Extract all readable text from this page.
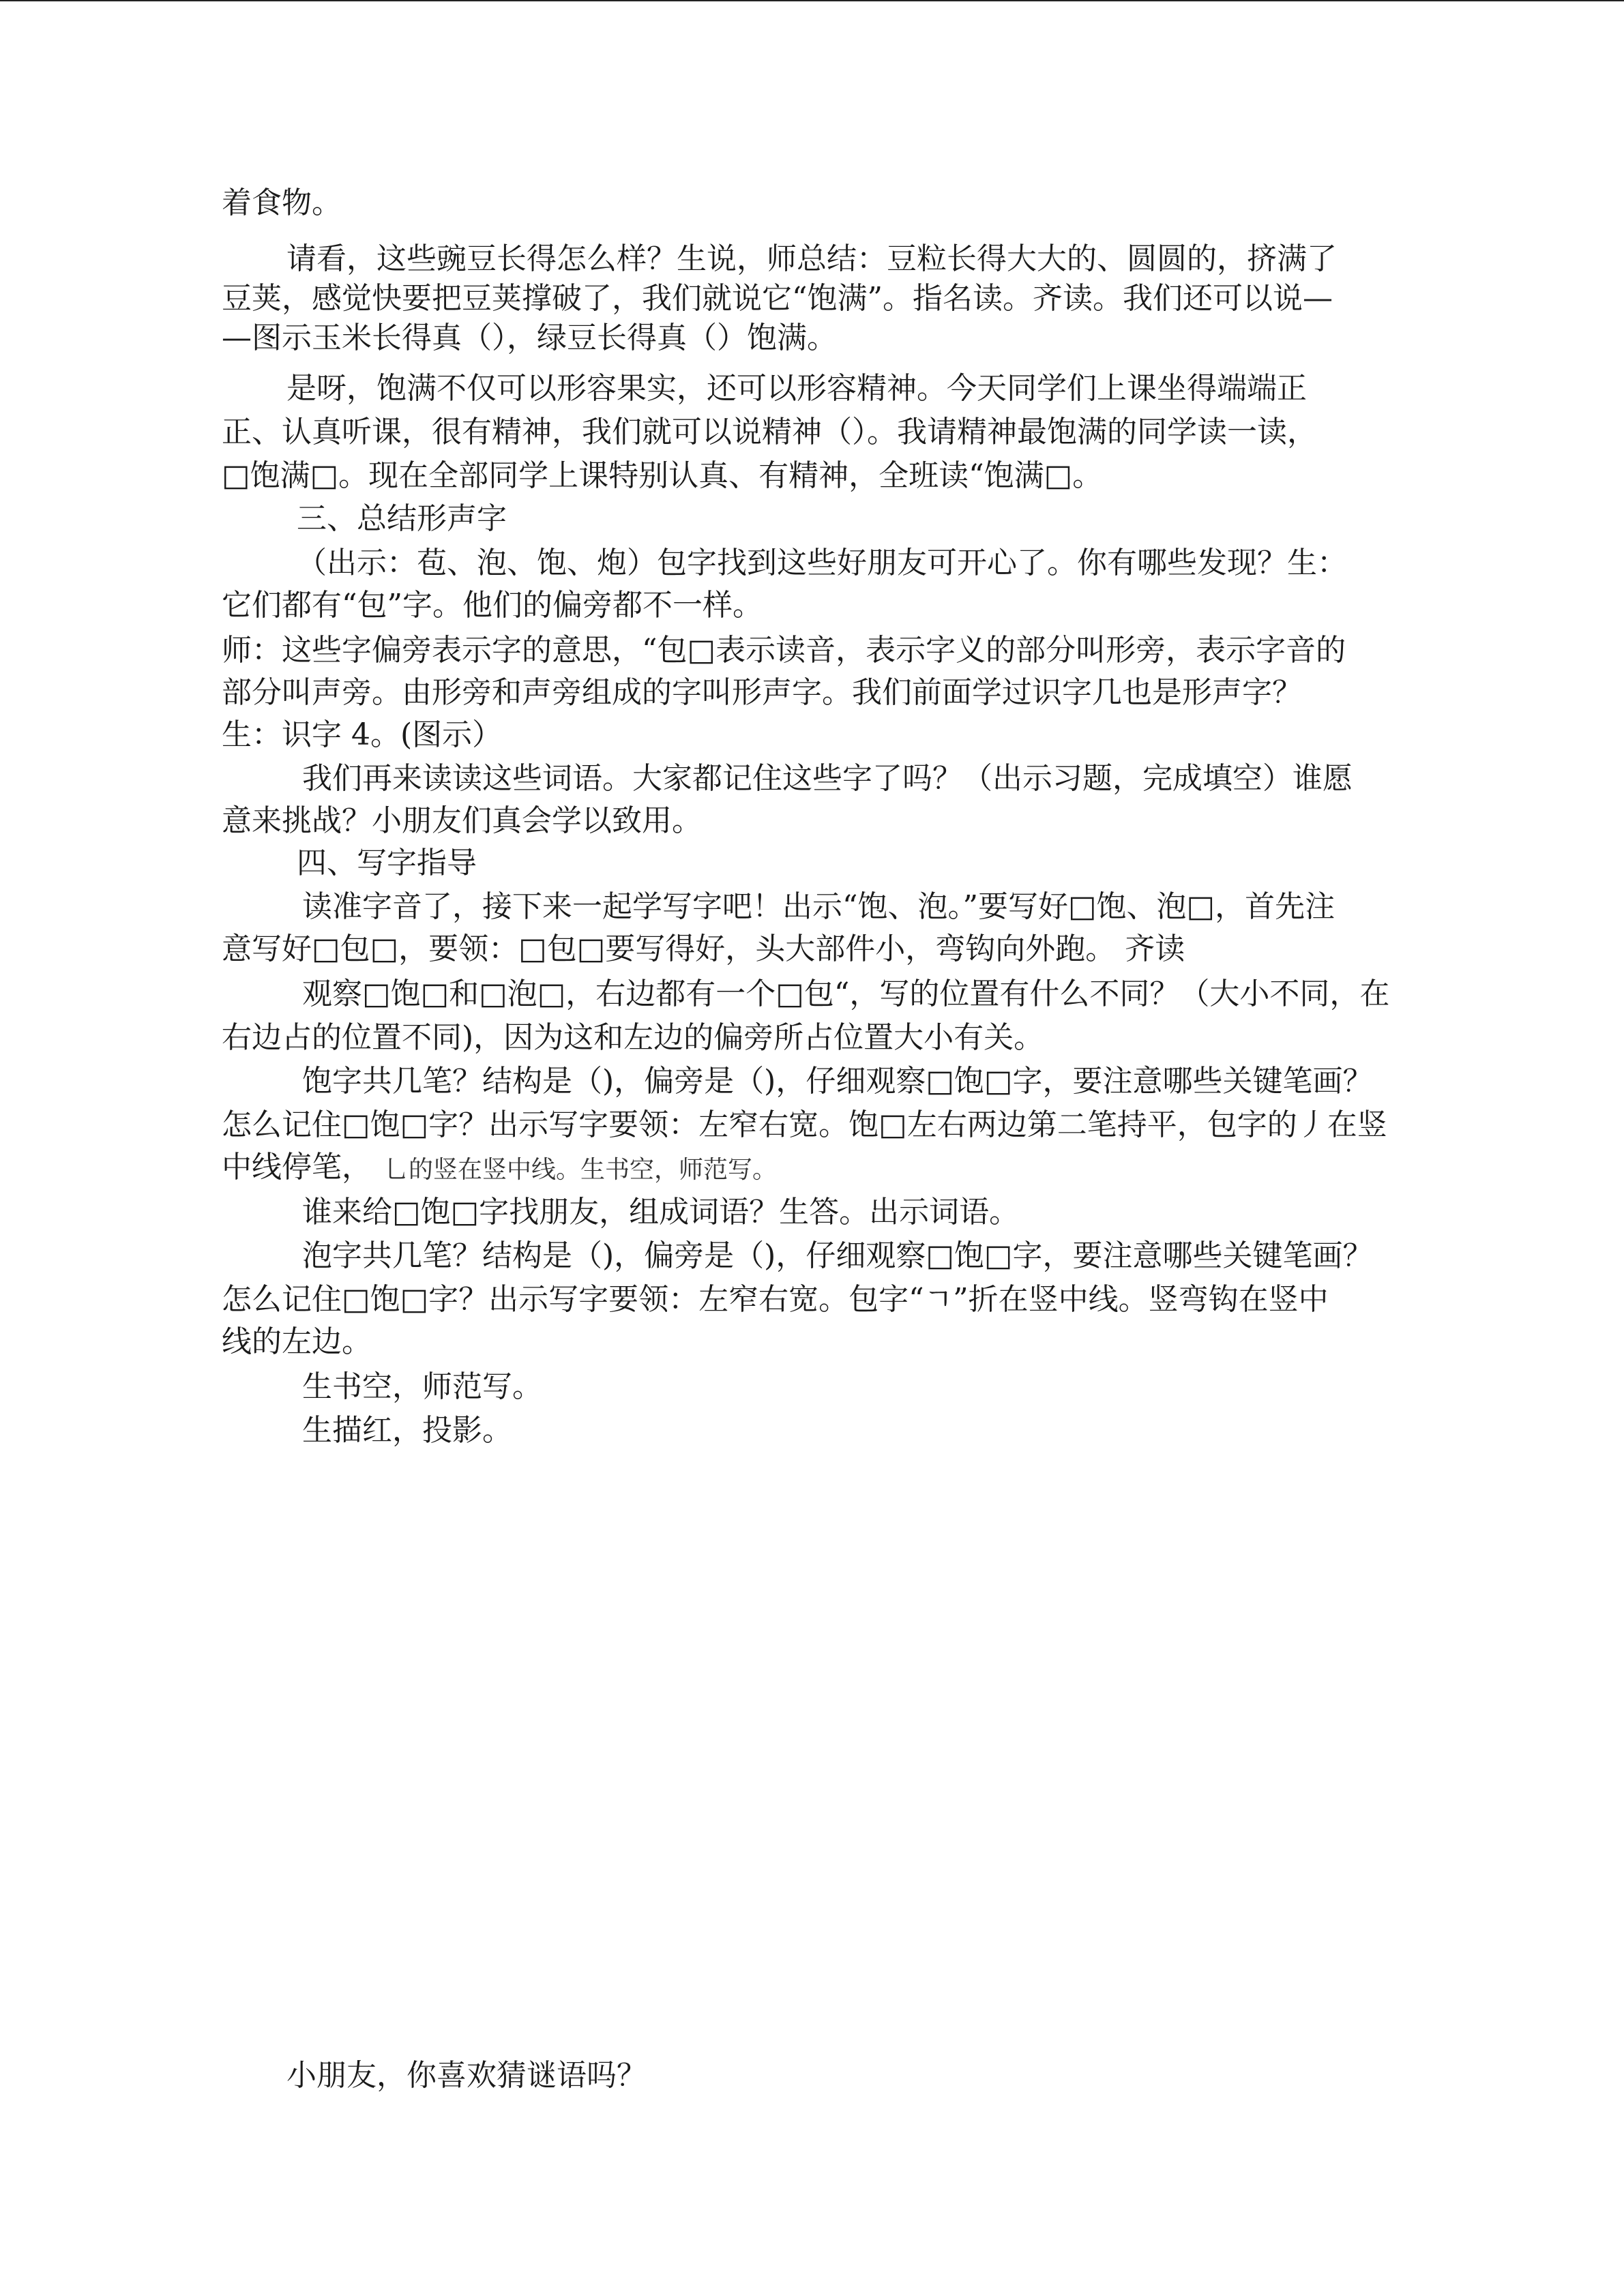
着食物。
请看，这些豌豆长得怎么样？生说，师总结：豆粒长得大大的、圆圆的，挤满了
豆荚，感觉快要把豆荚撑破了，我们就说它“饱满”。指名读。齐读。我们还可以说—
—图示玉米长得真（），绿豆长得真（）饱满。
是呀，饱满不仅可以形容果实，还可以形容精神。今天同学们上课坐得端端正
正、认真听课，很有精神，我们就可以说精神（）。我请精神最饱满的同学读一读，
□饱满□。现在全部同学上课特别认真、有精神，全班读“饱满□。
三、总结形声字
（出示：苞、泡、饱、炮）包字找到这些好朋友可开心了。你有哪些发现？生：
它们都有“包”字。他们的偏旁都不一样。
师：这些字偏旁表示字的意思，“包□表示读音，表示字义的部分叫形旁，表示字音的
部分叫声旁。由形旁和声旁组成的字叫形声字。我们前面学过识字几也是形声字？
生：识字 4。(图示）
我们再来读读这些词语。大家都记住这些字了吗？（出示习题，完成填空）谁愿
意来挑战？小朋友们真会学以致用。
四、写字指导
读准字音了，接下来一起学写字吧！出示“饱、泡。”要写好□饱、泡□，首先注
意写好□包□，要领：□包□要写得好，头大部件小，弯钩向外跑。 齐读
观察□饱□和□泡□，右边都有一个□包“，写的位置有什么不同？（大小不同，在
右边占的位置不同)，因为这和左边的偏旁所占位置大小有关。
饱字共几笔？结构是（)，偏旁是（)，仔细观察□饱□字，要注意哪些关键笔画？
怎么记住□饱□字？出示写字要领：左窄右宽。饱□左右两边第二笔持平，包字的丿在竖
中线停笔， 乚的竖在竖中线。生书空，师范写。
谁来给□饱□字找朋友，组成词语？生答。出示词语。
泡字共几笔？结构是（)，偏旁是（)，仔细观察□饱□字，要注意哪些关键笔画？
怎么记住□饱□字？出示写字要领：左窄右宽。包字“ㄱ”折在竖中线。竖弯钩在竖中
线的左边。
生书空，师范写。
生描红，投影。
小朋友，你喜欢猜谜语吗？
